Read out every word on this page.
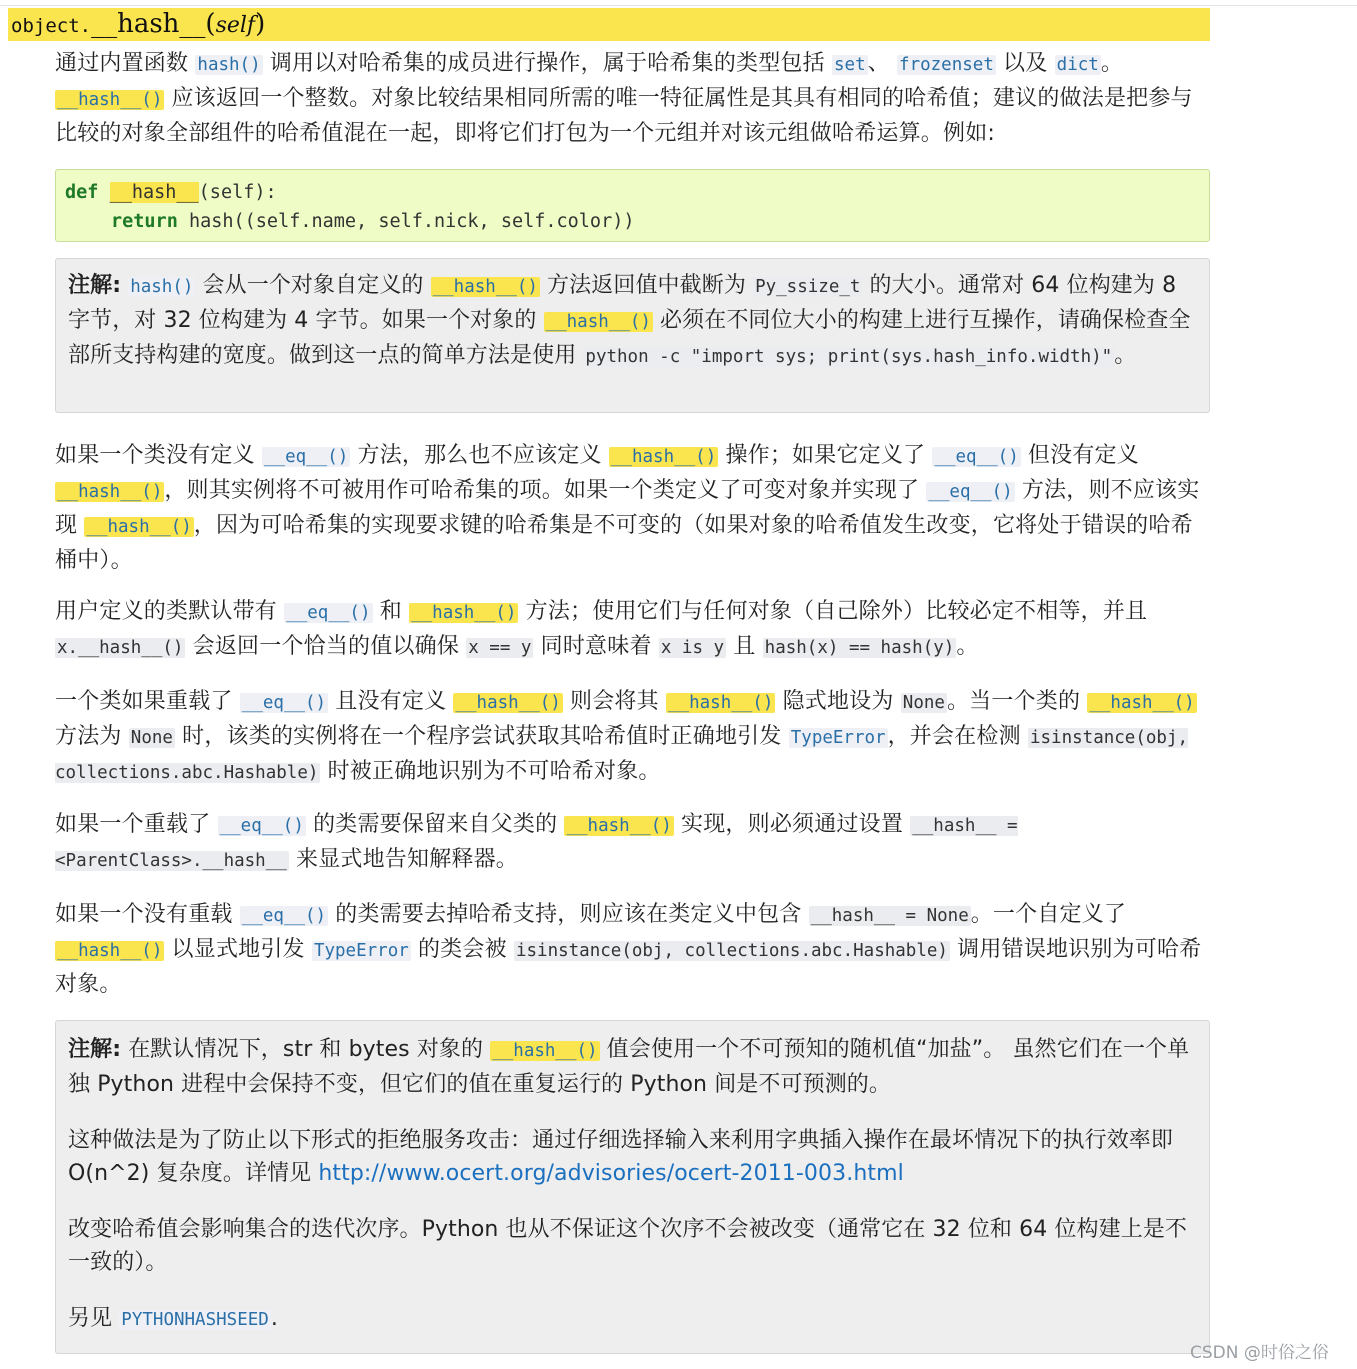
object.__hash__(self)

通过内置函数 hash() 调用以对哈希集的成员进行操作，属于哈希集的类型包括 set、 frozenset 以及 dict。__hash__() 应该返回一个整数。对象比较结果相同所需的唯一特征属性是其具有相同的哈希值；建议的做法是把参与比较的对象全部组件的哈希值混在一起，即将它们打包为一个元组并对该元组做哈希运算。例如:

def __hash__(self):
return hash((self.name, self.nick, self.color))

注解: hash() 会从一个对象自定义的 __hash__() 方法返回值中截断为 Py_ssize_t 的大小。通常对 64 位构建为 8 字节，对 32 位构建为 4 字节。如果一个对象的 __hash__() 必须在不同位大小的构建上进行互操作，请确保检查全部所支持构建的宽度。做到这一点的简单方法是使用 python -c "import sys; print(sys.hash_info.width)"。

如果一个类没有定义 __eq__() 方法，那么也不应该定义 __hash__() 操作；如果它定义了 __eq__() 但没有定义 __hash__()，则其实例将不可被用作可哈希集的项。如果一个类定义了可变对象并实现了 __eq__() 方法，则不应该实现 __hash__()，因为可哈希集的实现要求键的哈希集是不可变的（如果对象的哈希值发生改变，它将处于错误的哈希桶中）。

用户定义的类默认带有 __eq__() 和 __hash__() 方法；使用它们与任何对象（自己除外）比较必定不相等，并且 x.__hash__() 会返回一个恰当的值以确保 x == y 同时意味着 x is y 且 hash(x) == hash(y)。

一个类如果重载了 __eq__() 且没有定义 __hash__() 则会将其 __hash__() 隐式地设为 None。当一个类的 __hash__() 方法为 None 时，该类的实例将在一个程序尝试获取其哈希值时正确地引发 TypeError，并会在检测 isinstance(obj, collections.abc.Hashable) 时被正确地识别为不可哈希对象。

如果一个重载了 __eq__() 的类需要保留来自父类的 __hash__() 实现，则必须通过设置 __hash__ = <ParentClass>.__hash__ 来显式地告知解释器。

如果一个没有重载 __eq__() 的类需要去掉哈希支持，则应该在类定义中包含 __hash__ = None。一个自定义了 __hash__() 以显式地引发 TypeError 的类会被 isinstance(obj, collections.abc.Hashable) 调用错误地识别为可哈希对象。

注解: 在默认情况下，str 和 bytes 对象的 __hash__() 值会使用一个不可预知的随机值“加盐”。 虽然它们在一个单独 Python 进程中会保持不变，但它们的值在重复运行的 Python 间是不可预测的。

这种做法是为了防止以下形式的拒绝服务攻击：通过仔细选择输入来利用字典插入操作在最坏情况下的执行效率即 O(n^2) 复杂度。详情见 http://www.ocert.org/advisories/ocert-2011-003.html

改变哈希值会影响集合的迭代次序。Python 也从不保证这个次序不会被改变（通常它在 32 位和 64 位构建上是不一致的）。

另见 PYTHONHASHSEED.

CSDN @时俗之俗
